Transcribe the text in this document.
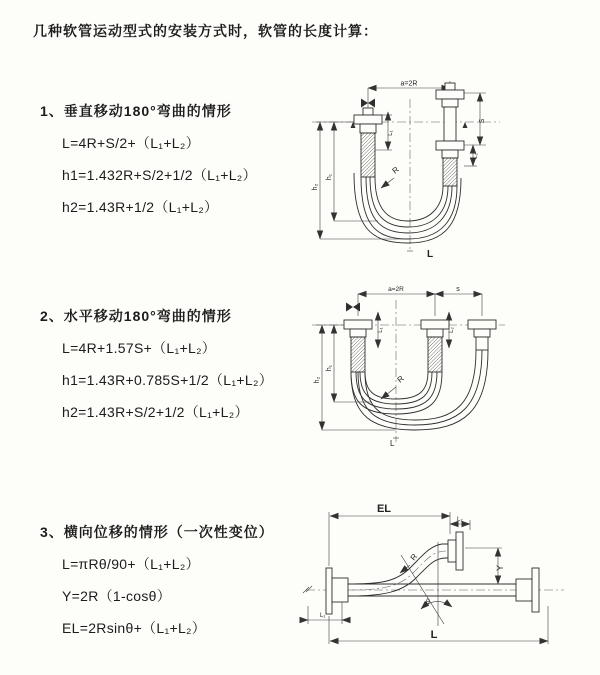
几种软管运动型式的安装方式时，软管的长度计算：
1、垂直移动180°弯曲的情形
L=4R+S/2+（L₁+L₂）
h1=1.432R+S/2+1/2（L₁+L₂）
h2=1.43R+1/2（L₁+L₂）
2、水平移动180°弯曲的情形
L=4R+1.57S+（L₁+L₂）
h1=1.43R+0.785S+1/2（L₁+L₂）
h2=1.43R+S/2+1/2（L₁+L₂）
3、横向位移的情形（一次性变位）
L=πRθ/90+（L₁+L₂）
Y=2R（1-cosθ）
EL=2Rsinθ+（L₁+L₂）
a=2R
S
L₂
L₁
h₂
h₁
R
L
a=2R	s
L₁	L₂
h₂
h₁
R
L
EL
L₂
θ
R
Y
L
L₁
